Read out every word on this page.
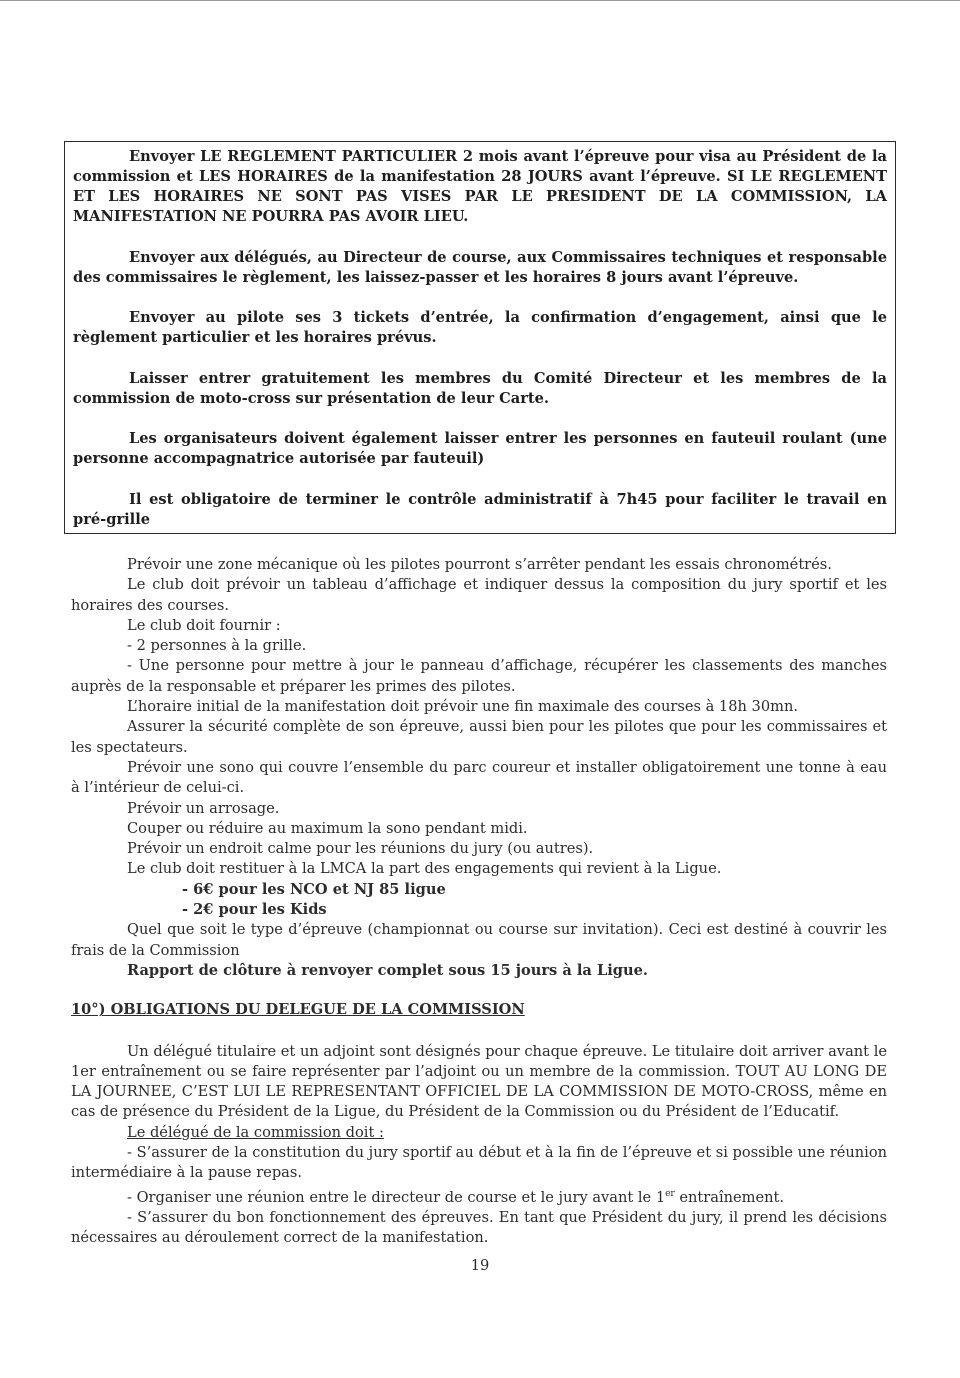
Envoyer LE REGLEMENT PARTICULIER 2 mois avant l’épreuve pour visa au Président de la commission et LES HORAIRES de la manifestation 28 JOURS avant l’épreuve. SI LE REGLEMENT ET LES HORAIRES NE SONT PAS VISES PAR LE PRESIDENT DE LA COMMISSION, LA MANIFESTATION NE POURRA PAS AVOIR LIEU.

Envoyer aux délégués, au Directeur de course, aux Commissaires techniques et responsable des commissaires le règlement, les laissez-passer et les horaires 8 jours avant l’épreuve.

Envoyer au pilote ses 3 tickets d’entrée, la confirmation d’engagement, ainsi que le règlement particulier et les horaires prévus.

Laisser entrer gratuitement les membres du Comité Directeur et les membres de la commission de moto-cross sur présentation de leur Carte.

Les organisateurs doivent également laisser entrer les personnes en fauteuil roulant (une personne accompagnatrice autorisée par fauteuil)

Il est obligatoire de terminer le contrôle administratif à 7h45 pour faciliter le travail en pré-grille

Prévoir une zone mécanique où les pilotes pourront s’arrêter pendant les essais chronométrés.

Le club doit prévoir un tableau d’affichage et indiquer dessus la composition du jury sportif et les horaires des courses.

Le club doit fournir :

- 2 personnes à la grille.

- Une personne pour mettre à jour le panneau d’affichage, récupérer les classements des manches auprès de la responsable et préparer les primes des pilotes.

L’horaire initial de la manifestation doit prévoir une fin maximale des courses à 18h 30mn.

Assurer la sécurité complète de son épreuve, aussi bien pour les pilotes que pour les commissaires et les spectateurs.

Prévoir une sono qui couvre l’ensemble du parc coureur et installer obligatoirement une tonne à eau à l’intérieur de celui-ci.

Prévoir un arrosage.

Couper ou réduire au maximum la sono pendant midi.

Prévoir un endroit calme pour les réunions du jury (ou autres).

Le club doit restituer à la LMCA la part des engagements qui revient à la Ligue.

- 6€ pour les NCO et NJ 85 ligue

- 2€ pour les Kids

Quel que soit le type d’épreuve (championnat ou course sur invitation). Ceci est destiné à couvrir les frais de la Commission

Rapport de clôture à renvoyer complet sous 15 jours à la Ligue.

10°) OBLIGATIONS DU DELEGUE DE LA COMMISSION

Un délégué titulaire et un adjoint sont désignés pour chaque épreuve. Le titulaire doit arriver avant le 1er entraînement ou se faire représenter par l’adjoint ou un membre de la commission. TOUT AU LONG DE LA JOURNEE, C’EST LUI LE REPRESENTANT OFFICIEL DE LA COMMISSION DE MOTO-CROSS, même en cas de présence du Président de la Ligue, du Président de la Commission ou du Président de l’Educatif.

Le délégué de la commission doit :

- S’assurer de la constitution du jury sportif au début et à la fin de l’épreuve et si possible une réunion intermédiaire à la pause repas.

- Organiser une réunion entre le directeur de course et le jury avant le 1er entraînement.

- S’assurer du bon fonctionnement des épreuves. En tant que Président du jury, il prend les décisions nécessaires au déroulement correct de la manifestation.

19
